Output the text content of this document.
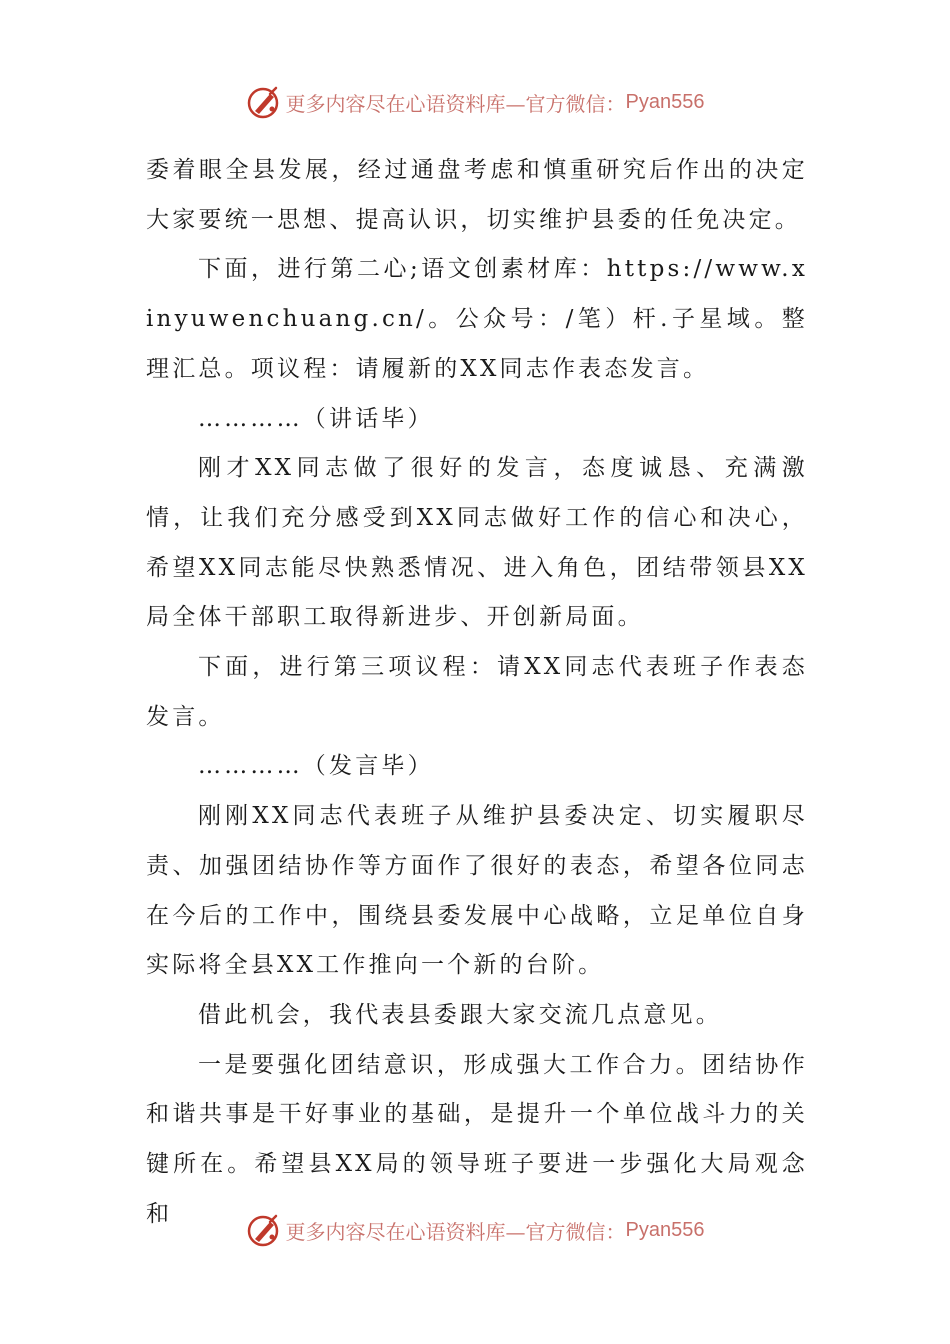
更多内容尽在心语资料库—官方微信： Pyan556

委着眼全县发展，经过通盘考虑和慎重研究后作出的决定大家要统一思想、提高认识，切实维护县委的任免决定。

下面，进行第二心;语文创素材库：https://www.xinyuwenchuang.cn/。公众号：/笔）杆.子星域。整理汇总。项议程：请履新的XX同志作表态发言。

…………（讲话毕）

刚才XX同志做了很好的发言，态度诚恳、充满激情，让我们充分感受到XX同志做好工作的信心和决心，希望XX同志能尽快熟悉情况、进入角色，团结带领县XX局全体干部职工取得新进步、开创新局面。

下面，进行第三项议程：请XX同志代表班子作表态发言。

…………（发言毕）

刚刚XX同志代表班子从维护县委决定、切实履职尽责、加强团结协作等方面作了很好的表态，希望各位同志在今后的工作中，围绕县委发展中心战略，立足单位自身实际将全县XX工作推向一个新的台阶。

借此机会，我代表县委跟大家交流几点意见。

一是要强化团结意识，形成强大工作合力。团结协作和谐共事是干好事业的基础，是提升一个单位战斗力的关键所在。希望县XX局的领导班子要进一步强化大局观念和

更多内容尽在心语资料库—官方微信： Pyan556
